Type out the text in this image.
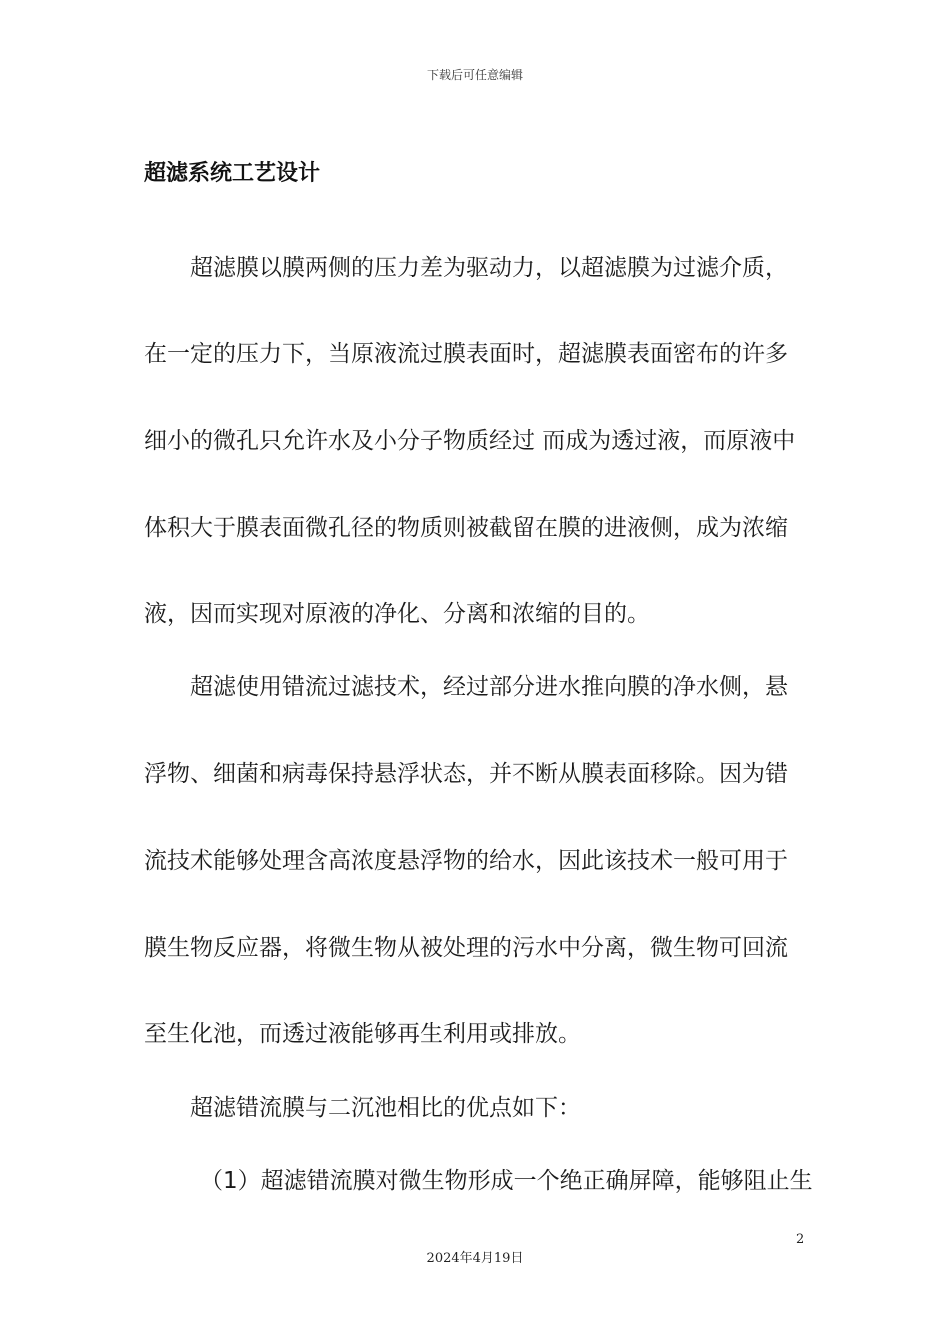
下载后可任意编辑
超滤系统工艺设计

超滤膜以膜两侧的压力差为驱动力，以超滤膜为过滤介质，

在一定的压力下，当原液流过膜表面时，超滤膜表面密布的许多

细小的微孔只允许水及小分子物质经过 而成为透过液，而原液中

体积大于膜表面微孔径的物质则被截留在膜的进液侧，成为浓缩

液，因而实现对原液的净化、分离和浓缩的目的。

超滤使用错流过滤技术，经过部分进水推向膜的净水侧，悬

浮物、细菌和病毒保持悬浮状态，并不断从膜表面移除。因为错

流技术能够处理含高浓度悬浮物的给水，因此该技术一般可用于

膜生物反应器，将微生物从被处理的污水中分离，微生物可回流

至生化池，而透过液能够再生利用或排放。

超滤错流膜与二沉池相比的优点如下：

（1）超滤错流膜对微生物形成一个绝正确屏障，能够阻止生

2
2024年4月19日
